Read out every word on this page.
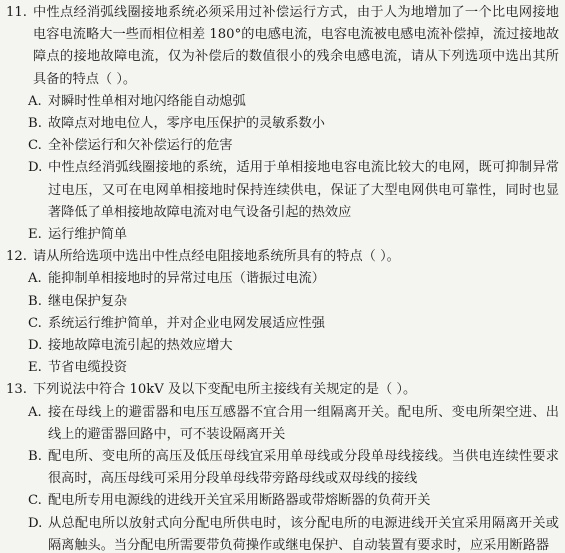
11. 中性点经消弧线圈接地系统必须采用过补偿运行方式，由于人为地增加了一个比电网接地电容电流略大一些而相位相差 180°的电感电流，电容电流被电感电流补偿掉，流过接地故障点的接地故障电流，仅为补偿后的数值很小的残余电感电流，请从下列选项中选出其所具备的特点（ ）。
A. 对瞬时性单相对地闪络能自动熄弧
B. 故障点对地电位人，零序电压保护的灵敏系数小
C. 全补偿运行和欠补偿运行的危害
D. 中性点经消弧线圈接地的系统，适用于单相接地电容电流比较大的电网，既可抑制异常过电压，又可在电网单相接地时保持连续供电，保证了大型电网供电可靠性，同时也显著降低了单相接地故障电流对电气设备引起的热效应
E. 运行维护简单
12. 请从所给选项中选出中性点经电阻接地系统所具有的特点（ ）。
A. 能抑制单相接地时的异常过电压（谐振过电流）
B. 继电保护复杂
C. 系统运行维护简单，并对企业电网发展适应性强
D. 接地故障电流引起的热效应增大
E. 节省电缆投资
13. 下列说法中符合 10kV 及以下变配电所主接线有关规定的是（ ）。
A. 接在母线上的避雷器和电压互感器不宜合用一组隔离开关。配电所、变电所架空进、出线上的避雷器回路中，可不装设隔离开关
B. 配电所、变电所的高压及低压母线宜采用单母线或分段单母线接线。当供电连续性要求很高时，高压母线可采用分段单母线带旁路母线或双母线的接线
C. 配电所专用电源线的进线开关宜采用断路器或带熔断器的负荷开关
D. 从总配电所以放射式向分配电所供电时，该分配电所的电源进线开关宜采用隔离开关或隔离触头。当分配电所需要带负荷操作或继电保护、自动装置有要求时，应采用断路器
